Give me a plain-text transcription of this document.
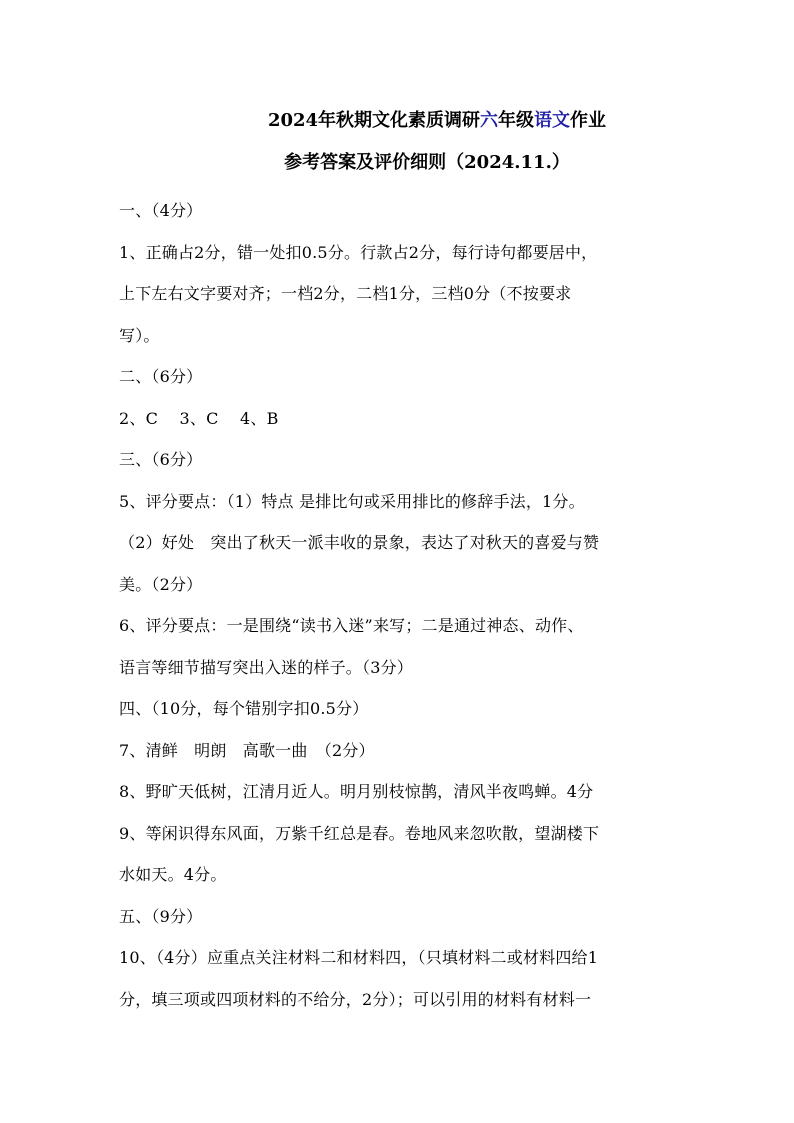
2024年秋期文化素质调研六年级语文作业
参考答案及评价细则（2024.11.）
一、（4分）
1、正确占2分，错一处扣0.5分。行款占2分，每行诗句都要居中，
上下左右文字要对齐；一档2分，二档1分，三档0分（不按要求
写）。
二、（6分）
2、C　 3、C　 4、B
三、（6分）
5、评分要点：（1）特点 是排比句或采用排比的修辞手法，1分。
（2）好处　突出了秋天一派丰收的景象，表达了对秋天的喜爱与赞
美。（2分）
6、评分要点：一是围绕“读书入迷”来写；二是通过神态、动作、
语言等细节描写突出入迷的样子。（3分）
四、（10分，每个错别字扣0.5分）
7、清鲜　明朗　高歌一曲　（2分）
8、野旷天低树，江清月近人。明月别枝惊鹊，清风半夜鸣蝉。4分
9、等闲识得东风面，万紫千红总是春。卷地风来忽吹散，望湖楼下
水如天。4分。
五、（9分）
10、（4分）应重点关注材料二和材料四，（只填材料二或材料四给1
分，填三项或四项材料的不给分，2分）；可以引用的材料有材料一
